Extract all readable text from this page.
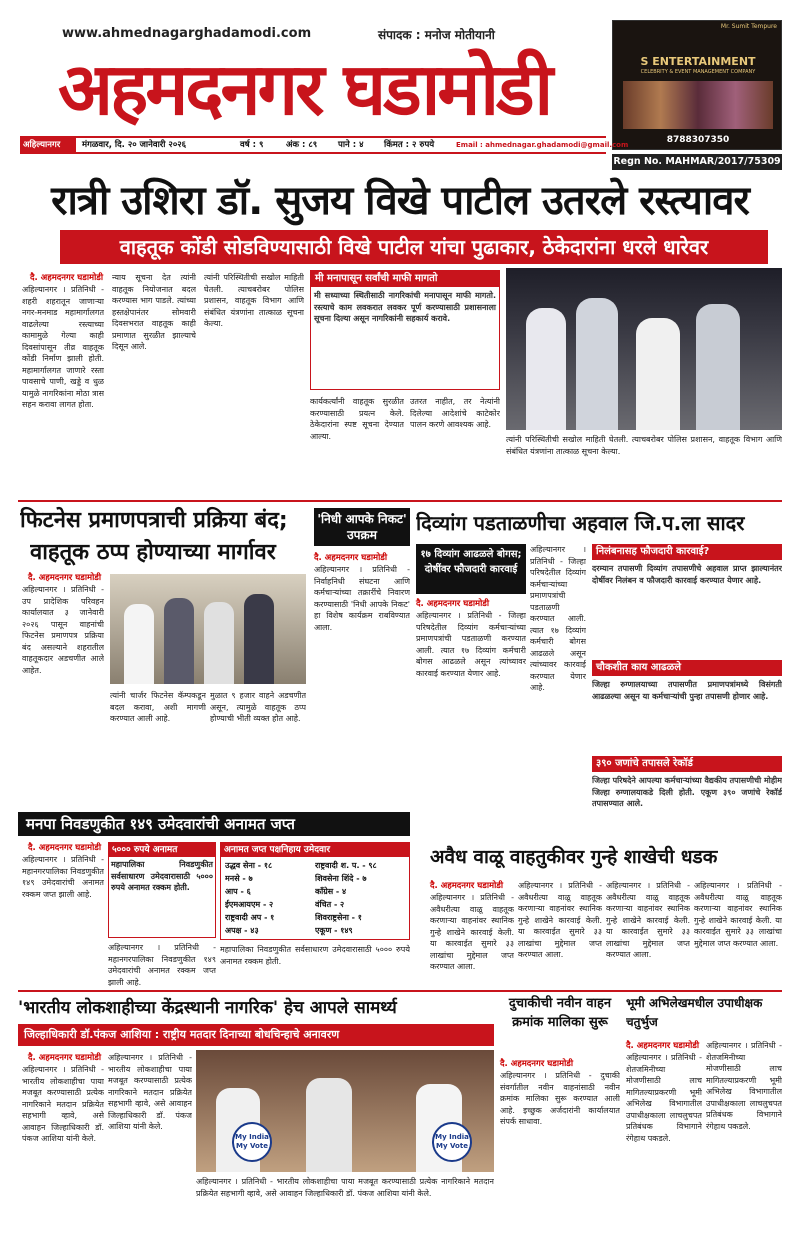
www.ahmednagarghadamodi.com	संपादक : मनोज मोतीयानी
अहमदनगर घडामोडी
Mr. Sumit Tempure
S ENTERTAINMENT
CELEBRITY & EVENT MANAGEMENT COMPANY
8788307350
अहिल्यानगर	मंगळवार, दि. २० जानेवारी २०२६	वर्ष : ९	अंक : ८९ पाने : ४ किंमत : २ रुपये	Email : ahmednagar.ghadamodi@gmail.com
Regn No. MAHMAR/2017/75309
रात्री उशिरा डॉ. सुजय विखे पाटील उतरले रस्त्यावर
वाहतूक कोंडी सोडविण्यासाठी विखे पाटील यांचा पुढाकार, ठेकेदारांना धरले धारेवर
दै. अहमदनगर घडामोडी
अहिल्यानगर । प्रतिनिधी - शहरी शहरातून जाणाऱ्या नगर-मनमाड महामार्गालगत वाढलेल्या रस्त्याच्या कामामुळे गेल्या काही दिवसांपासून तीव्र वाहतूक कोंडी निर्माण झाली होती. महामार्गालगत जाणारे रस्ता पावसाचे पाणी, खड्डे व धुळ यामुळे नागरिकांना मोठा त्रास सहन करावा लागत होता.
न्याय सूचना देत त्यांनी वाहतूक नियोजनात बदल करण्यास भाग पाडले. त्यांच्या हस्तक्षेपानंतर सोमवारी दिवसभरात वाहतूक काही प्रमाणात सुरळीत झाल्याचे दिसून आले.
त्यांनी परिस्थितीची सखोल माहिती घेतली. त्याचबरोबर पोलिस प्रशासन, वाहतूक विभाग आणि संबंधित यंत्रणांना तात्काळ सूचना केल्या.
मी मनापासून सर्वांची माफी मागतो
मी सध्याच्या स्थितीसाठी नागरिकांची मनापासून माफी मागतो. रस्त्याचे काम लवकरात लवकर पूर्ण करण्यासाठी प्रशासनाला सूचना दिल्या असून नागरिकांनी सहकार्य करावे.
कार्यकर्त्यांनी वाहतूक सुरळीत करण्यासाठी प्रयत्न केले. ठेकेदारांना स्पष्ट सूचना देण्यात आल्या.
उतरत नाहीत, तर नेत्यांनी दिलेल्या आदेशांचे काटेकोर पालन करणे आवश्यक आहे.
त्यांनी परिस्थितीची सखोल माहिती घेतली. त्याचबरोबर पोलिस प्रशासन, वाहतूक विभाग आणि संबंधित यंत्रणांना तात्काळ सूचना केल्या.
फिटनेस प्रमाणपत्राची प्रक्रिया बंद;
वाहतूक ठप्प होण्याच्या मार्गावर
दै. अहमदनगर घडामोडी
अहिल्यानगर । प्रतिनिधी - उप प्रादेशिक परिवहन कार्यालयात ३ जानेवारी २०२६ पासून वाहनांची फिटनेस प्रमाणपत्र प्रक्रिया बंद असल्याने शहरातील वाहतूकदार अडचणीत आले आहेत.
त्यांनी चार्जर फिटनेस कॅम्पकडून बदल करावा, अशी मागणी करण्यात आली आहे.
मुळात ९ हजार वाहने अडचणीत असून, त्यामुळे वाहतूक ठप्प होण्याची भीती व्यक्त होत आहे.
'निधी आपके निकट' उपक्रम
दै. अहमदनगर घडामोडी
अहिल्यानगर । प्रतिनिधी - निर्वाहनिधी संघटना आणि कर्मचाऱ्यांच्या तक्रारींचे निवारण करण्यासाठी 'निधी आपके निकट' हा विशेष कार्यक्रम राबविण्यात आला.
दिव्यांग पडताळणीचा अहवाल जि.प.ला सादर
१७ दिव्यांग आढळले बोगस; दोषींवर फौजदारी कारवाई
दै. अहमदनगर घडामोडी
अहिल्यानगर । प्रतिनिधी - जिल्हा परिषदेतील दिव्यांग कर्मचाऱ्यांच्या प्रमाणपत्रांची पडताळणी करण्यात आली. त्यात १७ दिव्यांग कर्मचारी बोगस आढळले असून त्यांच्यावर कारवाई करण्यात येणार आहे.
अहिल्यानगर । प्रतिनिधी - जिल्हा परिषदेतील दिव्यांग कर्मचाऱ्यांच्या प्रमाणपत्रांची पडताळणी करण्यात आली. त्यात १७ दिव्यांग कर्मचारी बोगस आढळले असून त्यांच्यावर कारवाई करण्यात येणार आहे.
निलंबनासह फौजदारी कारवाई?
दरम्यान तपासणी दिव्यांग तपासणीचे अहवाल प्राप्त झाल्यानंतर दोषींवर निलंबन व फौजदारी कारवाई करण्यात येणार आहे.
चौकशीत काय आढळले
जिल्हा रुग्णालयाच्या तपासणीत प्रमाणपत्रांमध्ये विसंगती आढळल्या असून या कर्मचाऱ्यांची पुन्हा तपासणी होणार आहे.
३९० जणांचे तपासले रेकॉर्ड
जिल्हा परिषदेने आपल्या कर्मचाऱ्यांच्या वैद्यकीय तपासणीची मोहीम जिल्हा रुग्णालयाकडे दिली होती. एकूण ३९० जणांचे रेकॉर्ड तपासण्यात आले.
मनपा निवडणुकीत १४९ उमेदवारांची अनामत जप्त
दै. अहमदनगर घडामोडी
अहिल्यानगर । प्रतिनिधी - महानगरपालिका निवडणुकीत १४९ उमेदवारांची अनामत रक्कम जप्त झाली आहे.
५००० रुपये अनामत
महापालिका निवडणुकीत सर्वसाधारण उमेदवारासाठी ५००० रुपये अनामत रक्कम होती.
अहिल्यानगर । प्रतिनिधी - महानगरपालिका निवडणुकीत १४९ उमेदवारांची अनामत रक्कम जप्त झाली आहे.
अनामत जप्त पक्षनिहाय उमेदवार
उद्धव सेना - १८	राष्ट्रवादी श. प. - ९८
मनसे - ७	शिवसेना शिंदे - ७
आप - ६	काँग्रेस - ४
ईएमआयएम - २	वंचित - २
राष्ट्रवादी अप - १	शिवराष्ट्रसेना - १
अपक्ष - ४३	एकूण - १४९
महापालिका निवडणुकीत सर्वसाधारण उमेदवारासाठी ५००० रुपये अनामत रक्कम होती.
अवैध वाळू वाहतुकीवर गुन्हे शाखेची धडक
दै. अहमदनगर घडामोडी
अहिल्यानगर । प्रतिनिधी - अवैधरीत्या वाळू वाहतूक करणाऱ्या वाहनांवर स्थानिक गुन्हे शाखेने कारवाई केली. या कारवाईत सुमारे ३३ लाखांचा मुद्देमाल जप्त करण्यात आला.
अहिल्यानगर । प्रतिनिधी - अवैधरीत्या वाळू वाहतूक करणाऱ्या वाहनांवर स्थानिक गुन्हे शाखेने कारवाई केली. या कारवाईत सुमारे ३३ लाखांचा मुद्देमाल जप्त करण्यात आला.
अहिल्यानगर । प्रतिनिधी - अवैधरीत्या वाळू वाहतूक करणाऱ्या वाहनांवर स्थानिक गुन्हे शाखेने कारवाई केली. या कारवाईत सुमारे ३३ लाखांचा मुद्देमाल जप्त करण्यात आला.
अहिल्यानगर । प्रतिनिधी - अवैधरीत्या वाळू वाहतूक करणाऱ्या वाहनांवर स्थानिक गुन्हे शाखेने कारवाई केली. या कारवाईत सुमारे ३३ लाखांचा मुद्देमाल जप्त करण्यात आला.
'भारतीय लोकशाहीच्या केंद्रस्थानी नागरिक' हेच आपले सामर्थ्य
जिल्हाधिकारी डॉ.पंकज आशिया : राष्ट्रीय मतदार दिनाच्या बोधचिन्हाचे अनावरण
दै. अहमदनगर घडामोडी
अहिल्यानगर । प्रतिनिधी - भारतीय लोकशाहीचा पाया मजबूत करण्यासाठी प्रत्येक नागरिकाने मतदान प्रक्रियेत सहभागी व्हावे, असे आवाहन जिल्हाधिकारी डॉ. पंकज आशिया यांनी केले.
अहिल्यानगर । प्रतिनिधी - भारतीय लोकशाहीचा पाया मजबूत करण्यासाठी प्रत्येक नागरिकाने मतदान प्रक्रियेत सहभागी व्हावे, असे आवाहन जिल्हाधिकारी डॉ. पंकज आशिया यांनी केले.
My India
My Vote
My India
My Vote
अहिल्यानगर । प्रतिनिधी - भारतीय लोकशाहीचा पाया मजबूत करण्यासाठी प्रत्येक नागरिकाने मतदान प्रक्रियेत सहभागी व्हावे, असे आवाहन जिल्हाधिकारी डॉ. पंकज आशिया यांनी केले.
दुचाकीची नवीन वाहन क्रमांक मालिका सुरू
दै. अहमदनगर घडामोडी
अहिल्यानगर । प्रतिनिधी - दुचाकी संवर्गातील नवीन वाहनांसाठी नवीन क्रमांक मालिका सुरू करण्यात आली आहे. इच्छुक अर्जदारांनी कार्यालयात संपर्क साधावा.
भूमी अभिलेखमधील उपाधीक्षक चतुर्भुज
दै. अहमदनगर घडामोडी
अहिल्यानगर । प्रतिनिधी - शेतजमिनीच्या मोजणीसाठी लाच मागितल्याप्रकरणी भूमी अभिलेख विभागातील उपाधीक्षकाला लाचलुचपत प्रतिबंधक विभागाने रंगेहाथ पकडले.
अहिल्यानगर । प्रतिनिधी - शेतजमिनीच्या मोजणीसाठी लाच मागितल्याप्रकरणी भूमी अभिलेख विभागातील उपाधीक्षकाला लाचलुचपत प्रतिबंधक विभागाने रंगेहाथ पकडले.
